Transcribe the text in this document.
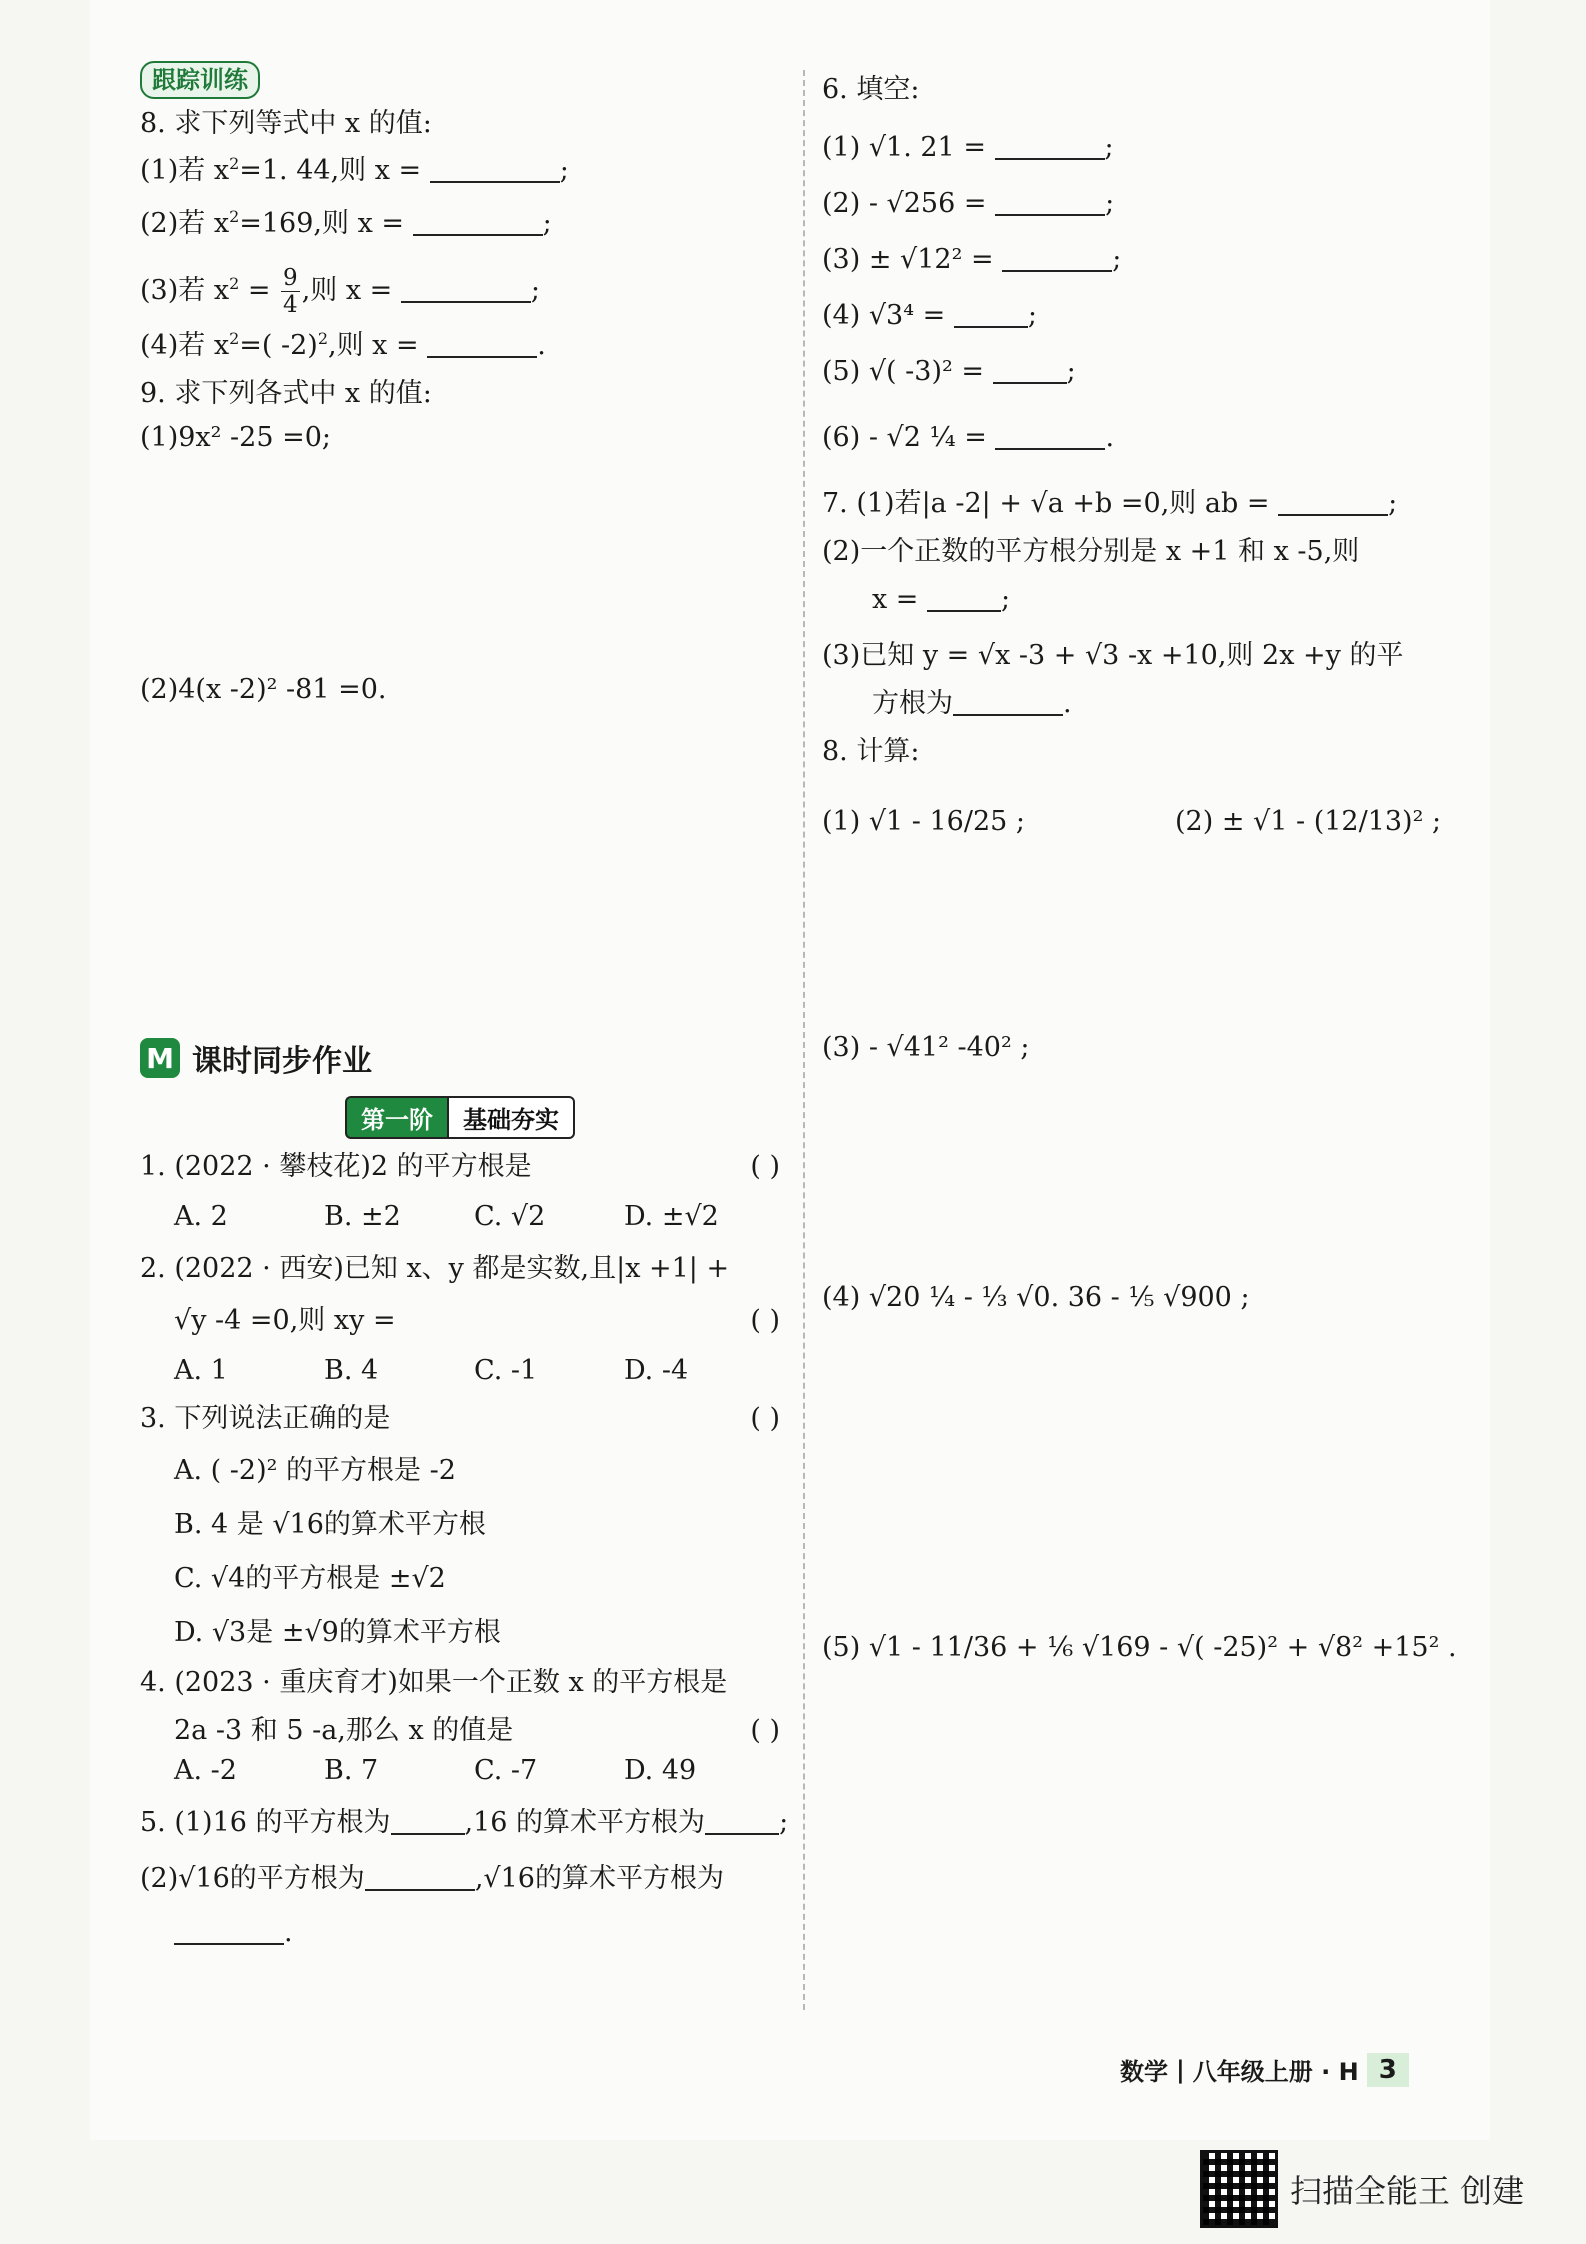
跟踪训练
8. 求下列等式中 x 的值:
(1)若 $x^2=1$. 44,则 x =	;
(2)若 $x^2=169$,则 x =	;
(3)若 $x^2 = \frac{9}{4}$ ,则 x =	;
(4)若 $x^2=$( -2)$^2$,则 x =	.
9. 求下列各式中 x 的值:
(1)9x² -25 =0;
(2)4(x -2)² -81 =0.
M 课时同步作业
第一阶	基础夯实
1. (2022 · 攀枝花)2 的平方根是	( )
A. 2	B. ±2	C. √2	D. ±√2
2. (2022 · 西安)已知 x、y 都是实数,且|x +1| +
√y -4 =0,则 xy =	( )
A. 1	B. 4	C. -1	D. -4
3. 下列说法正确的是	( )
A. ( -2)² 的平方根是 -2
B. 4 是 √16的算术平方根
C. √4的平方根是 ±√2
D. √3是 ±√9的算术平方根
4. (2023 · 重庆育才)如果一个正数 x 的平方根是
2a -3 和 5 -a,那么 x 的值是	( )
A. -2	B. 7	C. -7	D. 49
5. (1)16 的平方根为	,16 的算术平方根为	;
(2)√16的平方根为	,√16的算术平方根为
.
6. 填空:
(1) √1. 21 =	;
(2) - √256 =	;
(3) ± √12² =	;
(4) √3⁴ =	;
(5) √( -3)² =	;
(6) - √2 ¼ =	.
7. (1)若|a -2| + √a +b =0,则 ab =	;
(2)一个正数的平方根分别是 x +1 和 x -5,则
x =	;
(3)已知 y = √x -3 + √3 -x +10,则 2x +y 的平
方根为	.
8. 计算:
(1) √1 - 16/25 ;	(2) ± √1 - (12/13)² ;
(3) - √41² -40² ;
(4) √20 ¼ - ⅓ √0. 36 - ⅕ √900 ;
(5) √1 - 11/36 + ⅙ √169 - √( -25)² + √8² +15² .
数学 | 八年级上册 · H 3
扫描全能王 创建
